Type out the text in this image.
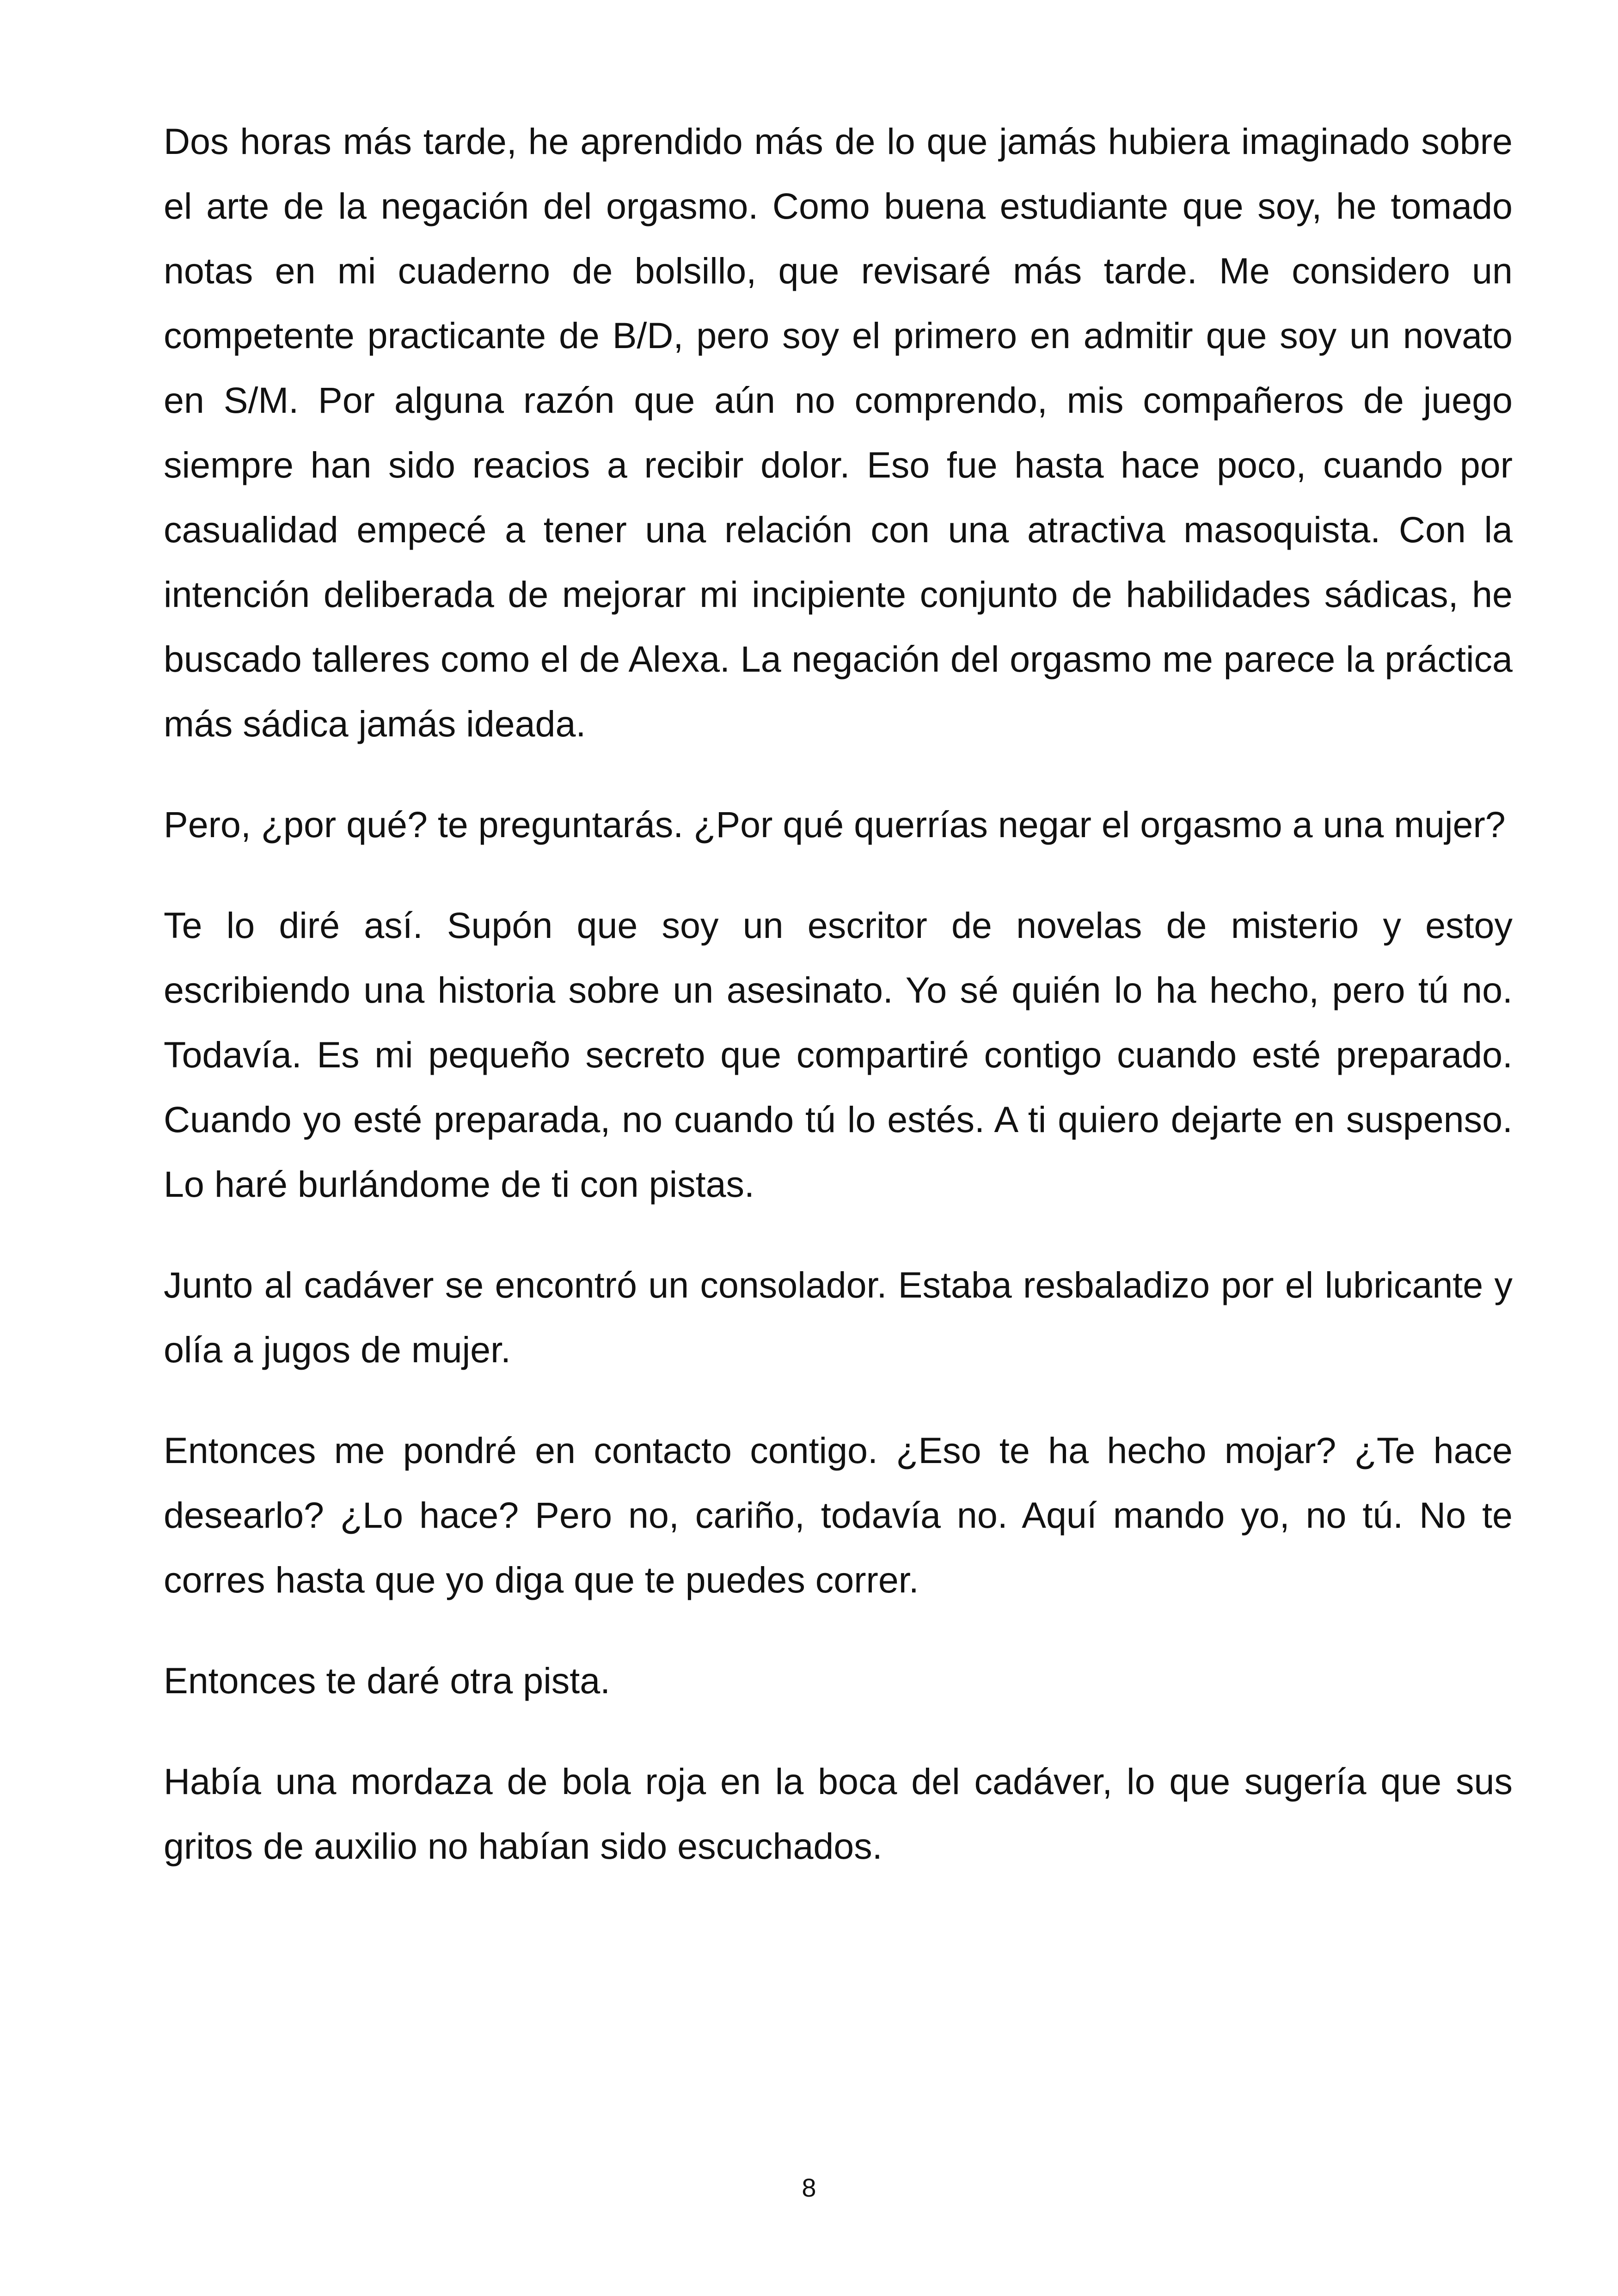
Dos horas más tarde, he aprendido más de lo que jamás hubiera imaginado sobre el arte de la negación del orgasmo. Como buena estudiante que soy, he tomado notas en mi cuaderno de bolsillo, que revisaré más tarde. Me considero un competente practicante de B/D, pero soy el primero en admitir que soy un novato en S/M. Por alguna razón que aún no comprendo, mis compañeros de juego siempre han sido reacios a recibir dolor. Eso fue hasta hace poco, cuando por casualidad empecé a tener una relación con una atractiva masoquista. Con la intención deliberada de mejorar mi incipiente conjunto de habilidades sádicas, he buscado talleres como el de Alexa. La negación del orgasmo me parece la práctica más sádica jamás ideada.

Pero, ¿por qué? te preguntarás. ¿Por qué querrías negar el orgasmo a una mujer?

Te lo diré así. Supón que soy un escritor de novelas de misterio y estoy escribiendo una historia sobre un asesinato. Yo sé quién lo ha hecho, pero tú no. Todavía. Es mi pequeño secreto que compartiré contigo cuando esté preparado. Cuando yo esté preparada, no cuando tú lo estés. A ti quiero dejarte en suspenso. Lo haré burlándome de ti con pistas.

Junto al cadáver se encontró un consolador. Estaba resbaladizo por el lubricante y olía a jugos de mujer.

Entonces me pondré en contacto contigo. ¿Eso te ha hecho mojar? ¿Te hace desearlo? ¿Lo hace? Pero no, cariño, todavía no. Aquí mando yo, no tú. No te corres hasta que yo diga que te puedes correr.

Entonces te daré otra pista.

Había una mordaza de bola roja en la boca del cadáver, lo que sugería que sus gritos de auxilio no habían sido escuchados.

8
